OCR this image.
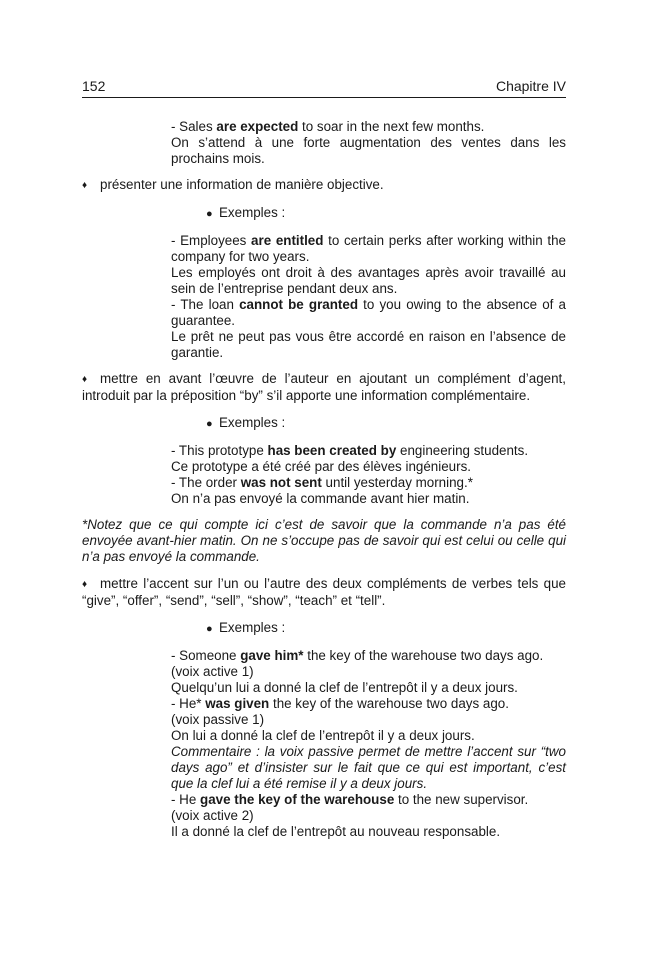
152	Chapitre IV

- Sales are expected to soar in the next few months.

On s’attend à une forte augmentation des ventes dans les prochains mois.

♦ présenter une information de manière objective.

● Exemples :

- Employees are entitled to certain perks after working within the company for two years.

Les employés ont droit à des avantages après avoir travaillé au sein de l’entreprise pendant deux ans.

- The loan cannot be granted to you owing to the absence of a guarantee.

Le prêt ne peut pas vous être accordé en raison en l’absence de garantie.

♦ mettre en avant l’œuvre de l’auteur en ajoutant un complément d’agent, introduit par la préposition “by” s’il apporte une information complémentaire.

● Exemples :

- This prototype has been created by engineering students.

Ce prototype a été créé par des élèves ingénieurs.

- The order was not sent until yesterday morning.*

On n’a pas envoyé la commande avant hier matin.

*Notez que ce qui compte ici c’est de savoir que la commande n’a pas été envoyée avant-hier matin. On ne s’occupe pas de savoir qui est celui ou celle qui n’a pas envoyé la commande.

♦ mettre l’accent sur l’un ou l’autre des deux compléments de verbes tels que “give”, “offer”, “send”, “sell”, “show”, “teach” et “tell”.

● Exemples :

- Someone gave him* the key of the warehouse two days ago.

(voix active 1)

Quelqu’un lui a donné la clef de l’entrepôt il y a deux jours.

- He* was given the key of the warehouse two days ago.

(voix passive 1)

On lui a donné la clef de l’entrepôt il y a deux jours.

Commentaire : la voix passive permet de mettre l’accent sur “two days ago” et d’insister sur le fait que ce qui est important, c’est que la clef lui a été remise il y a deux jours.

- He gave the key of the warehouse to the new supervisor.

(voix active 2)

Il a donné la clef de l’entrepôt au nouveau responsable.
